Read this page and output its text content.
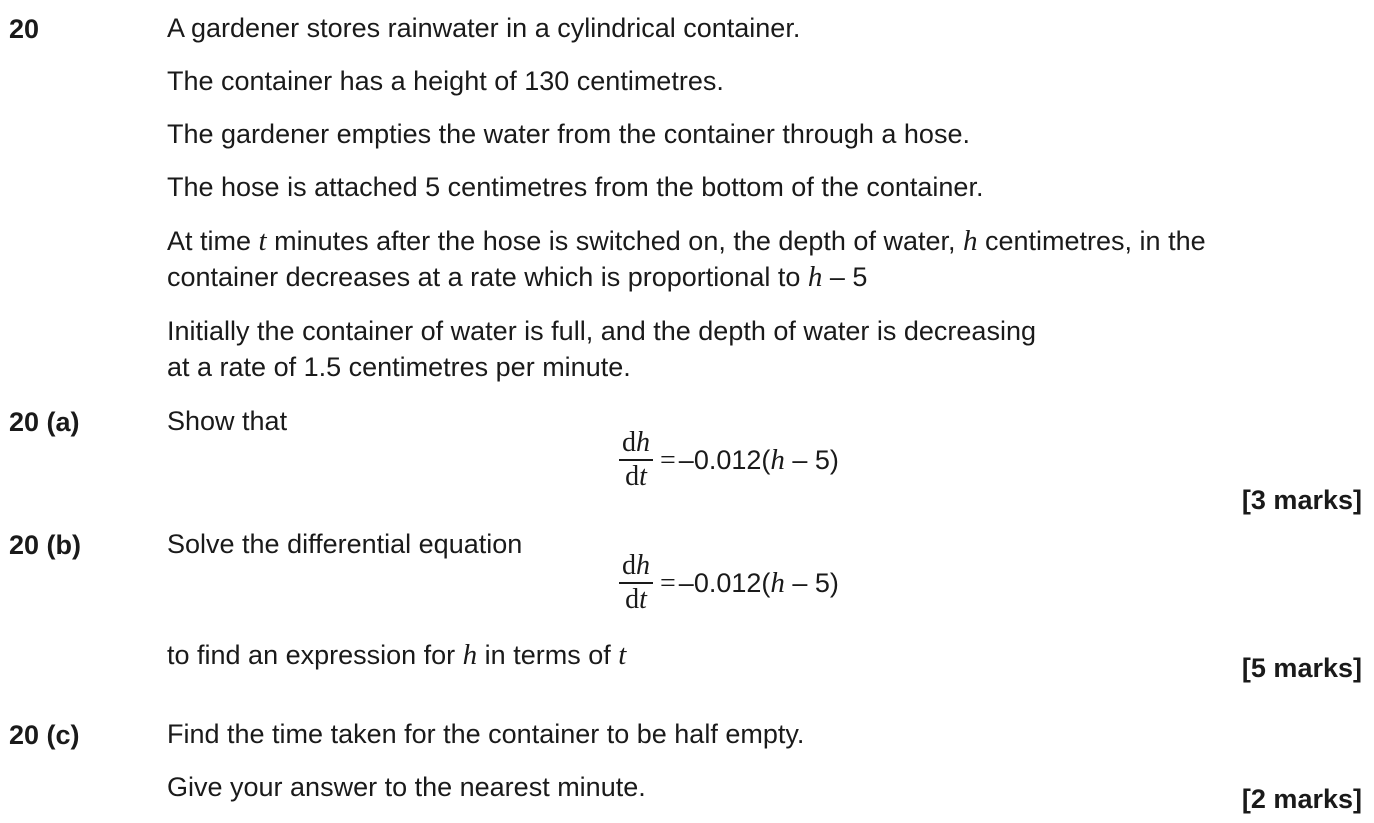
20	A gardener stores rainwater in a cylindrical container.
The container has a height of 130 centimetres.
The gardener empties the water from the container through a hose.
The hose is attached 5 centimetres from the bottom of the container.
At time t minutes after the hose is switched on, the depth of water, h centimetres, in the
container decreases at a rate which is proportional to h – 5
Initially the container of water is full, and the depth of water is decreasing
at a rate of 1.5 centimetres per minute.
20 (a)	Show that
$\frac{dh}{dt} = -0.012(h - 5)$
[3 marks]
20 (b)	Solve the differential equation
$\frac{dh}{dt} = -0.012(h - 5)$
to find an expression for h in terms of t	[5 marks]
20 (c)	Find the time taken for the container to be half empty.
Give your answer to the nearest minute.	[2 marks]
